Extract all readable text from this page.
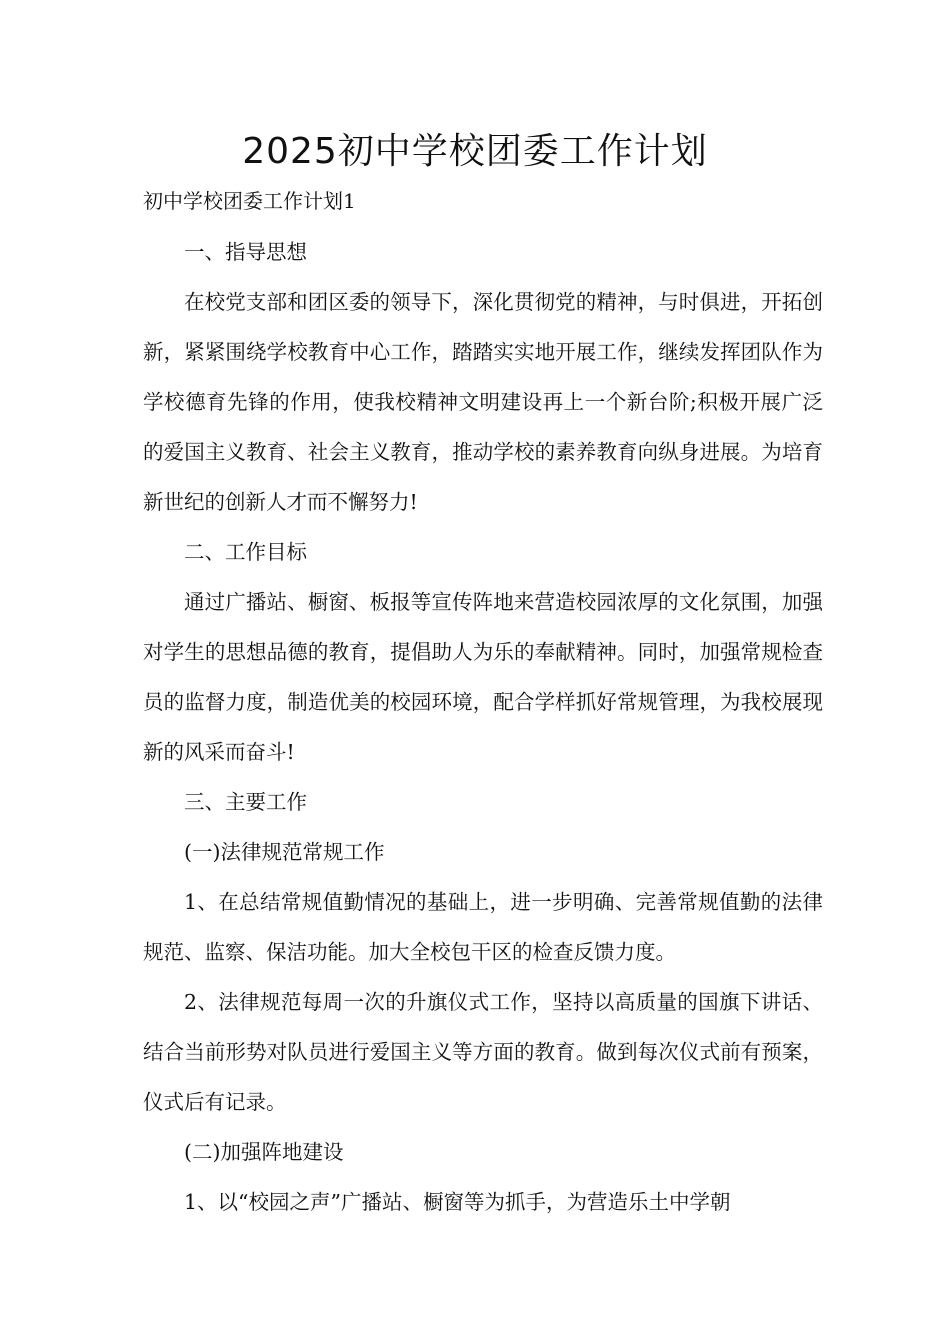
2025初中学校团委工作计划
初中学校团委工作计划1

一、指导思想

在校党支部和团区委的领导下，深化贯彻党的精神，与时俱进，开拓创新，紧紧围绕学校教育中心工作，踏踏实实地开展工作，继续发挥团队作为学校德育先锋的作用，使我校精神文明建设再上一个新台阶;积极开展广泛的爱国主义教育、社会主义教育，推动学校的素养教育向纵身进展。为培育新世纪的创新人才而不懈努力!

二、工作目标

通过广播站、橱窗、板报等宣传阵地来营造校园浓厚的文化氛围，加强对学生的思想品德的教育，提倡助人为乐的奉献精神。同时，加强常规检查员的监督力度，制造优美的校园环境，配合学样抓好常规管理，为我校展现新的风采而奋斗!

三、主要工作

(一)法律规范常规工作

1、在总结常规值勤情况的基础上，进一步明确、完善常规值勤的法律规范、监察、保洁功能。加大全校包干区的检查反馈力度。

2、法律规范每周一次的升旗仪式工作，坚持以高质量的国旗下讲话、结合当前形势对队员进行爱国主义等方面的教育。做到每次仪式前有预案，仪式后有记录。

(二)加强阵地建设

1、以“校园之声”广播站、橱窗等为抓手，为营造乐土中学朝
